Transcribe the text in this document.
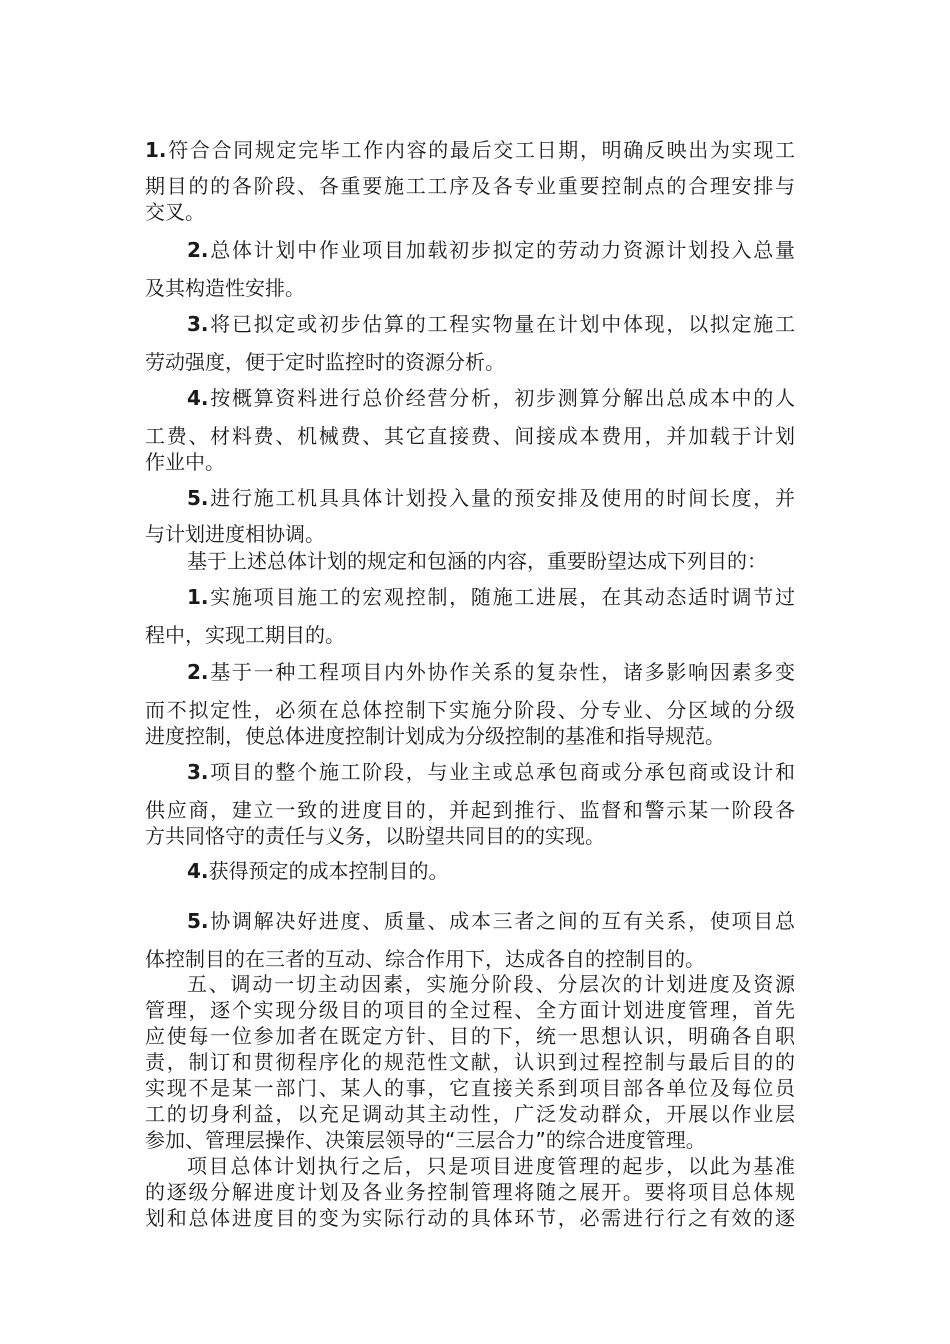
1.符合合同规定完毕工作内容的最后交工日期，明确反映出为实现工
期目的的各阶段、各重要施工工序及各专业重要控制点的合理安排与
交叉。
2.总体计划中作业项目加载初步拟定的劳动力资源计划投入总量
及其构造性安排。
3.将已拟定或初步估算的工程实物量在计划中体现，以拟定施工
劳动强度，便于定时监控时的资源分析。
4.按概算资料进行总价经营分析，初步测算分解出总成本中的人
工费、材料费、机械费、其它直接费、间接成本费用，并加载于计划
作业中。
5.进行施工机具具体计划投入量的预安排及使用的时间长度，并
与计划进度相协调。
基于上述总体计划的规定和包涵的内容，重要盼望达成下列目的：
1.实施项目施工的宏观控制，随施工进展，在其动态适时调节过
程中，实现工期目的。
2.基于一种工程项目内外协作关系的复杂性，诸多影响因素多变
而不拟定性，必须在总体控制下实施分阶段、分专业、分区域的分级
进度控制，使总体进度控制计划成为分级控制的基准和指导规范。
3.项目的整个施工阶段，与业主或总承包商或分承包商或设计和
供应商，建立一致的进度目的，并起到推行、监督和警示某一阶段各
方共同恪守的责任与义务，以盼望共同目的的实现。
4.获得预定的成本控制目的。
5.协调解决好进度、质量、成本三者之间的互有关系，使项目总
体控制目的在三者的互动、综合作用下，达成各自的控制目的。
五、调动一切主动因素，实施分阶段、分层次的计划进度及资源
管理，逐个实现分级目的项目的全过程、全方面计划进度管理，首先
应使每一位参加者在既定方针、目的下，统一思想认识，明确各自职
责，制订和贯彻程序化的规范性文献，认识到过程控制与最后目的的
实现不是某一部门、某人的事，它直接关系到项目部各单位及每位员
工的切身利益，以充足调动其主动性，广泛发动群众，开展以作业层
参加、管理层操作、决策层领导的“三层合力”的综合进度管理。
项目总体计划执行之后，只是项目进度管理的起步，以此为基准
的逐级分解进度计划及各业务控制管理将随之展开。要将项目总体规
划和总体进度目的变为实际行动的具体环节，必需进行行之有效的逐
